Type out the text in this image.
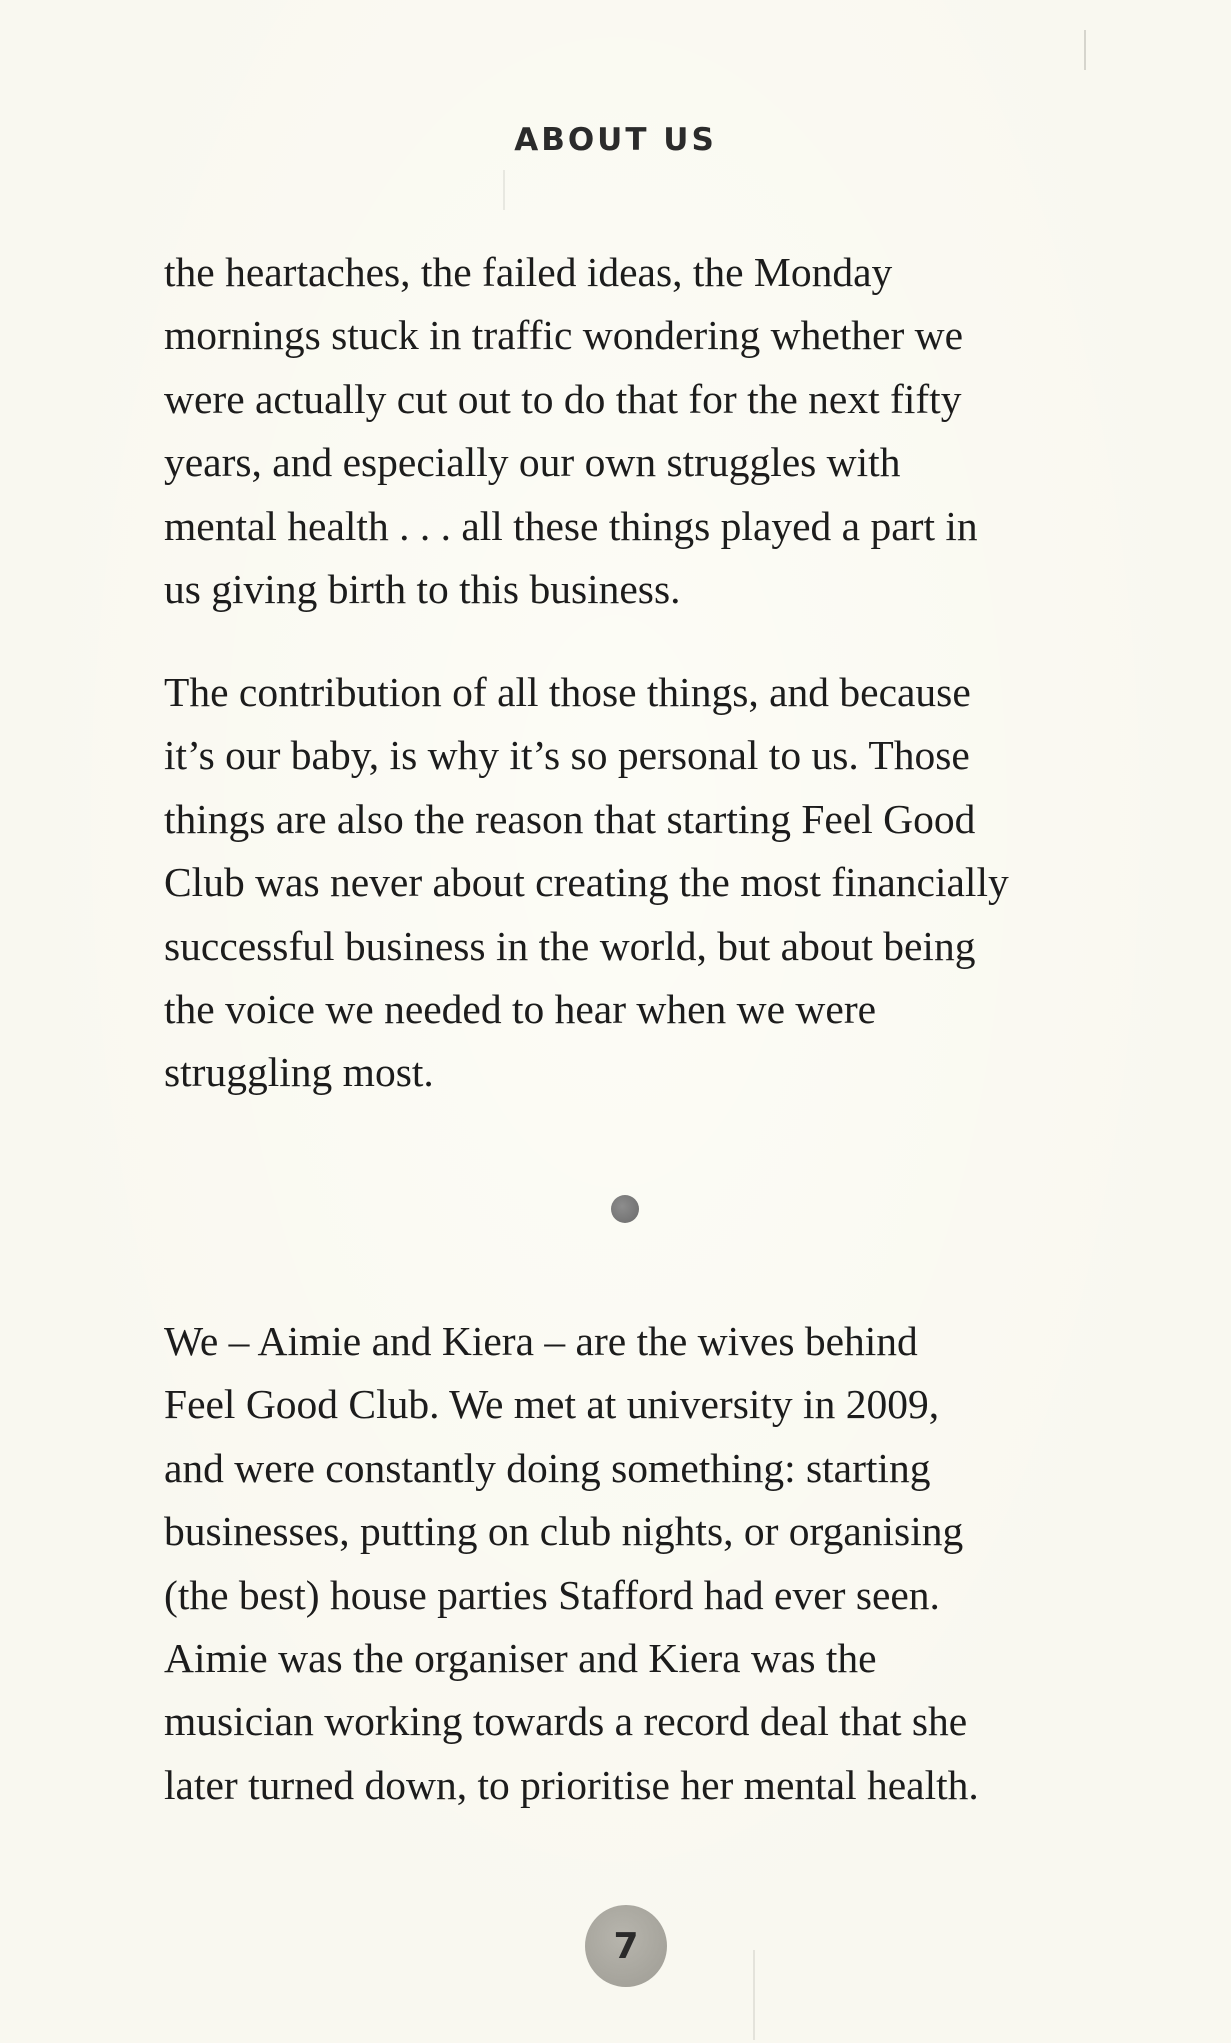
ABOUT US

the heartaches, the failed ideas, the Monday
mornings stuck in traffic wondering whether we
were actually cut out to do that for the next fifty
years, and especially our own struggles with
mental health . . . all these things played a part in
us giving birth to this business.

The contribution of all those things, and because
it’s our baby, is why it’s so personal to us. Those
things are also the reason that starting Feel Good
Club was never about creating the most financially
successful business in the world, but about being
the voice we needed to hear when we were
struggling most.

We – Aimie and Kiera – are the wives behind
Feel Good Club. We met at university in 2009,
and were constantly doing something: starting
businesses, putting on club nights, or organising
(the best) house parties Stafford had ever seen.
Aimie was the organiser and Kiera was the
musician working towards a record deal that she
later turned down, to prioritise her mental health.

7
